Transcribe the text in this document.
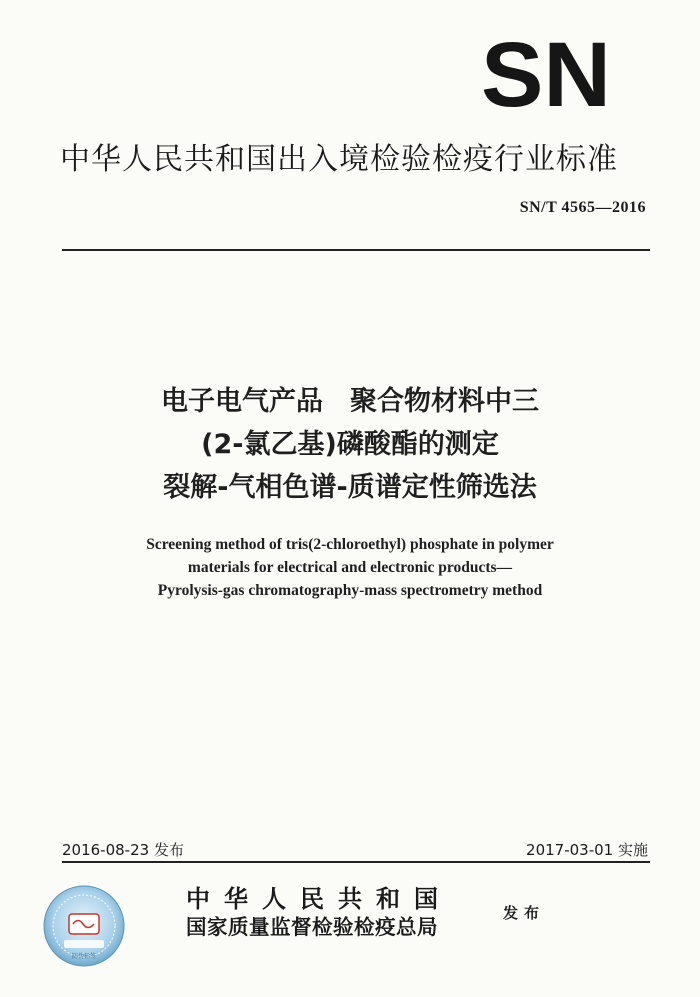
SN
中华人民共和国出入境检验检疫行业标准
SN/T 4565—2016
电子电气产品　聚合物材料中三
(2-氯乙基)磷酸酯的测定
裂解-气相色谱-质谱定性筛选法
Screening method of tris(2-chloroethyl) phosphate in polymer
materials for electrical and electronic products—
Pyrolysis-gas chromatography-mass spectrometry method
2016-08-23 发布	2017-03-01 实施
防伪标签
中华人民共和国
国家质量监督检验检疫总局
发布
